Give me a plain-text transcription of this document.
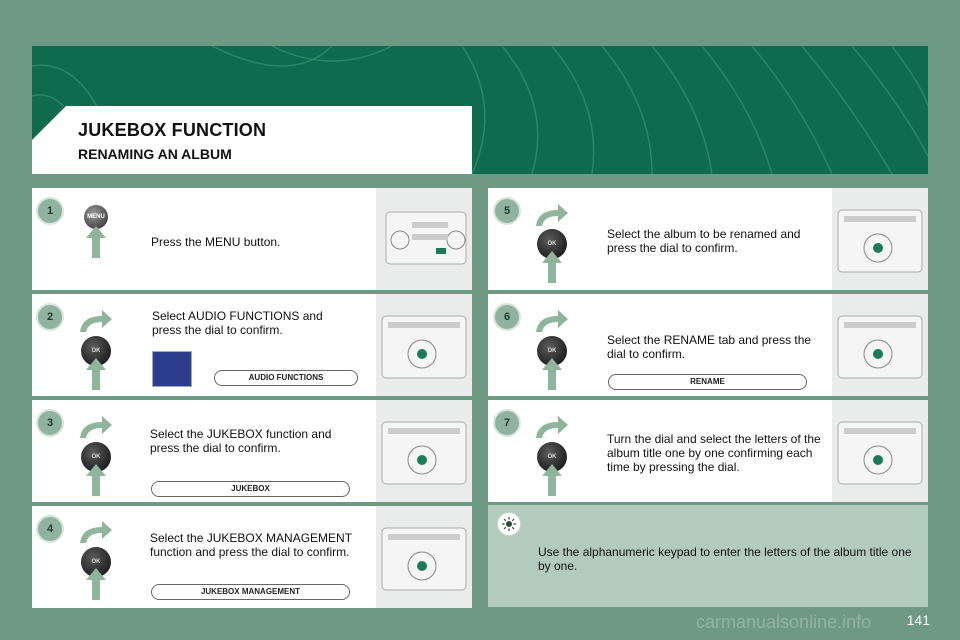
JUKEBOX FUNCTION
RENAMING AN ALBUM
1	MENU
Press the MENU button.
2
OK
Select AUDIO FUNCTIONS and press the dial to confirm.
AUDIO FUNCTIONS
3
OK
Select the JUKEBOX function and press the dial to confirm.
JUKEBOX
4
OK
Select the JUKEBOX MANAGEMENT function and press the dial to confirm.
JUKEBOX MANAGEMENT
5
OK
Select the album to be renamed and press the dial to confirm.
6
OK
Select the RENAME tab and press the dial to confirm.
RENAME
7
OK
Turn the dial and select the letters of the album title one by one confirming each time by pressing the dial.
Use the alphanumeric keypad to enter the letters of the album title one by one.
carmanualsonline.info	141
